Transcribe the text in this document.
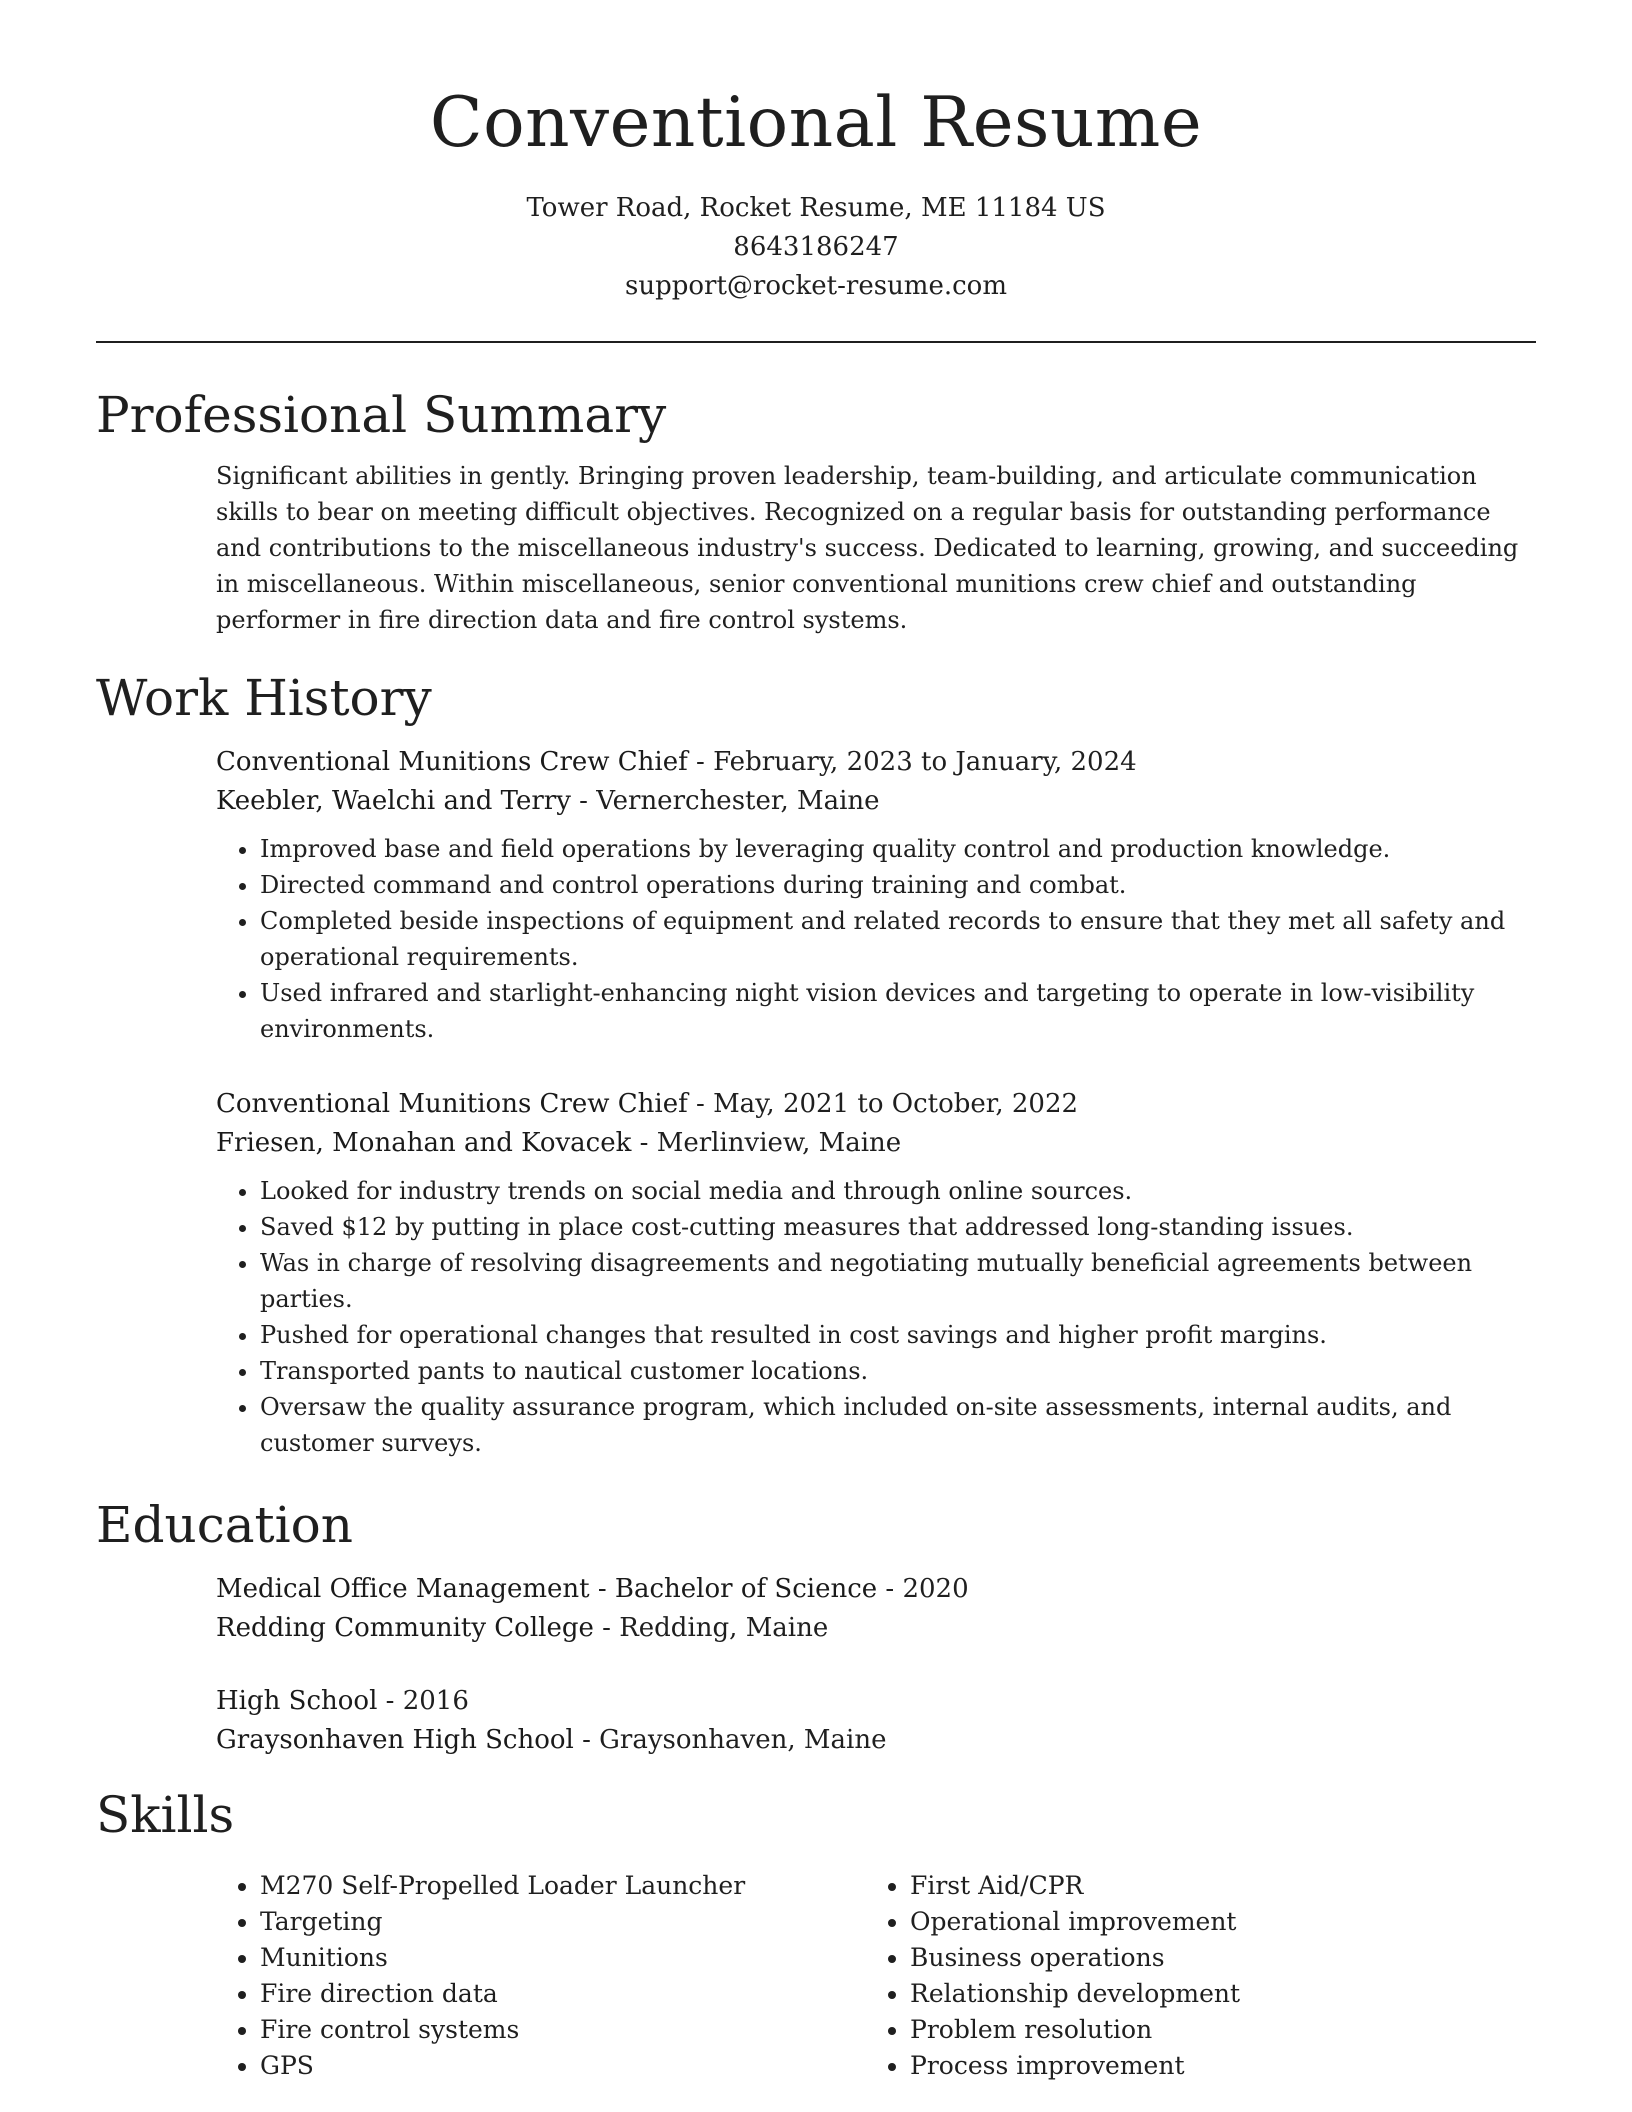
Conventional Resume
Tower Road, Rocket Resume, ME 11184 US
8643186247
support@rocket-resume.com
Professional Summary

Significant abilities in gently. Bringing proven leadership, team-building, and articulate communication skills to bear on meeting difficult objectives. Recognized on a regular basis for outstanding performance and contributions to the miscellaneous industry's success. Dedicated to learning, growing, and succeeding in miscellaneous. Within miscellaneous, senior conventional munitions crew chief and outstanding performer in fire direction data and fire control systems.

Work History
Conventional Munitions Crew Chief - February, 2023 to January, 2024
Keebler, Waelchi and Terry - Vernerchester, Maine
• Improved base and field operations by leveraging quality control and production knowledge.
• Directed command and control operations during training and combat.
• Completed beside inspections of equipment and related records to ensure that they met all safety and operational requirements.
• Used infrared and starlight-enhancing night vision devices and targeting to operate in low-visibility environments.
Conventional Munitions Crew Chief - May, 2021 to October, 2022
Friesen, Monahan and Kovacek - Merlinview, Maine
• Looked for industry trends on social media and through online sources.
• Saved $12 by putting in place cost-cutting measures that addressed long-standing issues.
• Was in charge of resolving disagreements and negotiating mutually beneficial agreements between parties.
• Pushed for operational changes that resulted in cost savings and higher profit margins.
• Transported pants to nautical customer locations.
• Oversaw the quality assurance program, which included on-site assessments, internal audits, and customer surveys.
Education
Medical Office Management - Bachelor of Science - 2020
Redding Community College - Redding, Maine
High School - 2016
Graysonhaven High School - Graysonhaven, Maine
Skills
• M270 Self-Propelled Loader Launcher
• Targeting
• Munitions
• Fire direction data
• Fire control systems
• GPS
• First Aid/CPR
• Operational improvement
• Business operations
• Relationship development
• Problem resolution
• Process improvement
